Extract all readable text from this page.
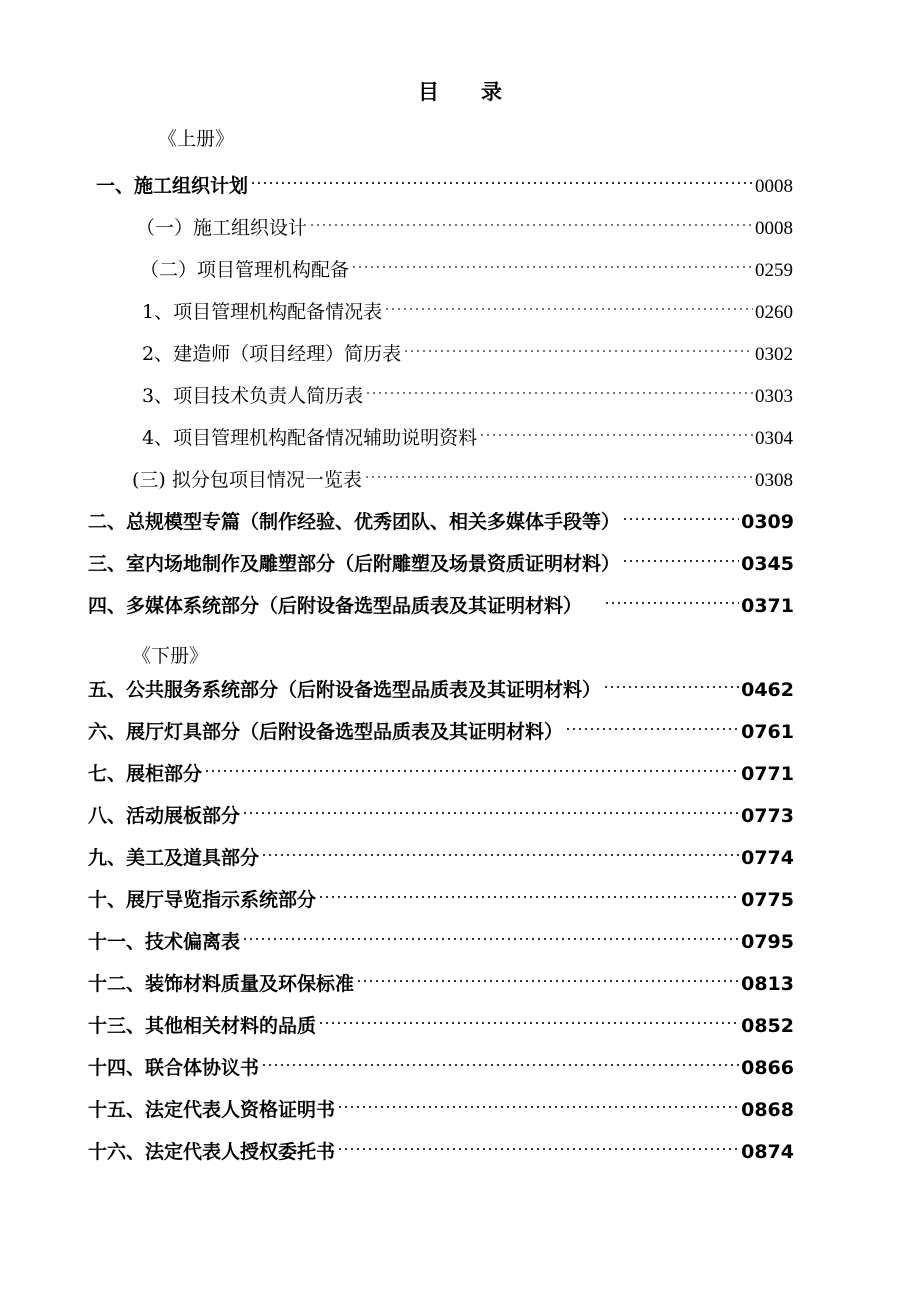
目 录
《上册》
一、施工组织计划	0008
（一）施工组织设计	0008
（二）项目管理机构配备	0259
1、项目管理机构配备情况表	0260
2、建造师（项目经理）简历表	0302
3、项目技术负责人简历表	0303
4、项目管理机构配备情况辅助说明资料	0304
(三) 拟分包项目情况一览表	0308
二、总规模型专篇（制作经验、优秀团队、相关多媒体手段等）	0309
三、室内场地制作及雕塑部分（后附雕塑及场景资质证明材料）	0345
四、多媒体系统部分（后附设备选型品质表及其证明材料）	0371
《下册》
五、公共服务系统部分（后附设备选型品质表及其证明材料）	0462
六、展厅灯具部分（后附设备选型品质表及其证明材料）	0761
七、展柜部分	0771
八、活动展板部分	0773
九、美工及道具部分	0774
十、展厅导览指示系统部分	0775
十一、技术偏离表	0795
十二、装饰材料质量及环保标准	0813
十三、其他相关材料的品质	0852
十四、联合体协议书	0866
十五、法定代表人资格证明书	0868
十六、法定代表人授权委托书	0874
